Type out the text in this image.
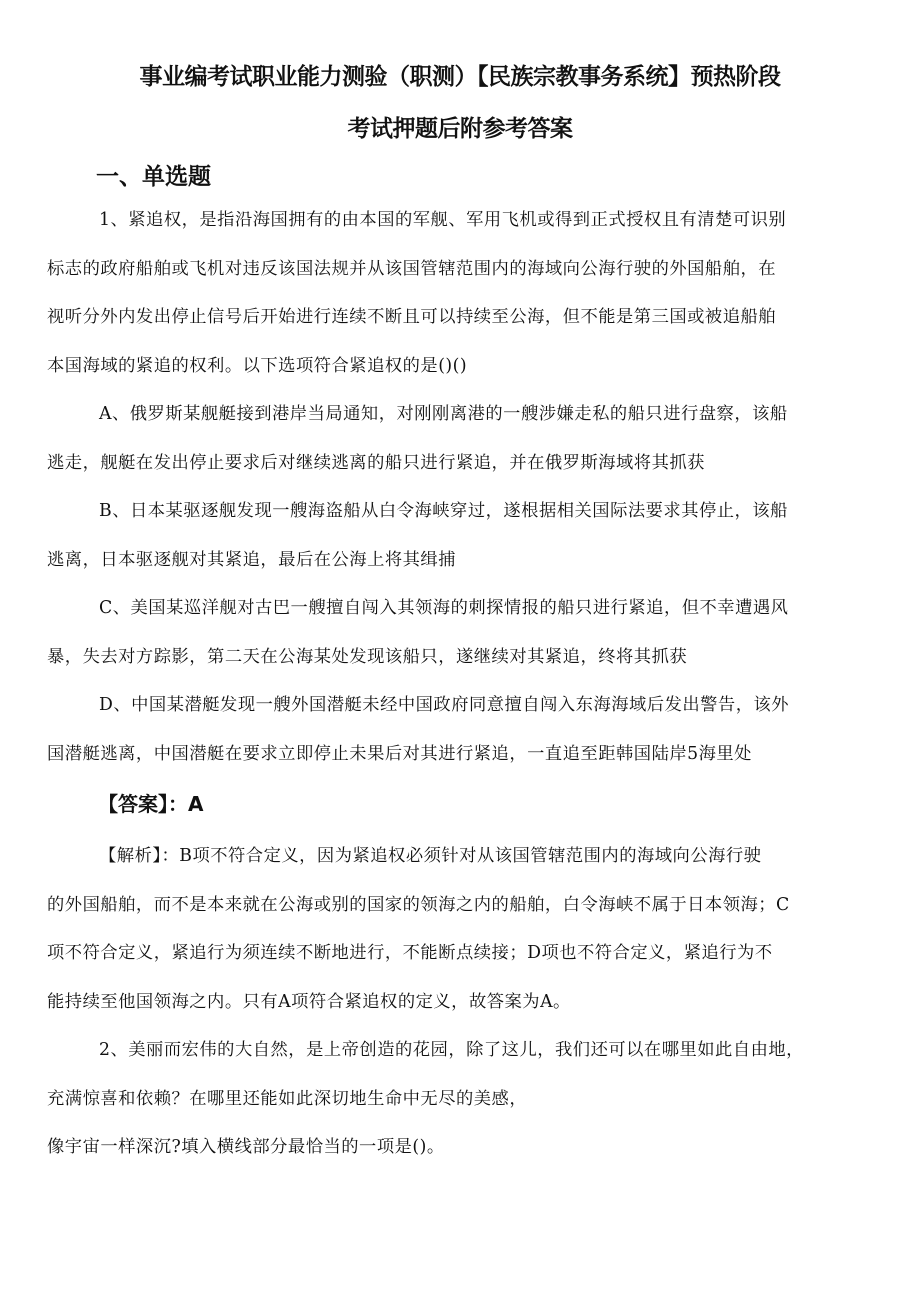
事业编考试职业能力测验（职测）【民族宗教事务系统】预热阶段
考试押题后附参考答案
一、单选题
1、紧追权，是指沿海国拥有的由本国的军舰、军用飞机或得到正式授权且有清楚可识别
标志的政府船舶或飞机对违反该国法规并从该国管辖范围内的海域向公海行驶的外国船舶，在
视听分外内发出停止信号后开始进行连续不断且可以持续至公海，但不能是第三国或被追船舶
本国海域的紧追的权利。以下选项符合紧追权的是()()
A、俄罗斯某舰艇接到港岸当局通知，对刚刚离港的一艘涉嫌走私的船只进行盘察，该船
逃走，舰艇在发出停止要求后对继续逃离的船只进行紧追，并在俄罗斯海域将其抓获
B、日本某驱逐舰发现一艘海盗船从白令海峡穿过，遂根据相关国际法要求其停止，该船
逃离，日本驱逐舰对其紧追，最后在公海上将其缉捕
C、美国某巡洋舰对古巴一艘擅自闯入其领海的刺探情报的船只进行紧追，但不幸遭遇风
暴，失去对方踪影，第二天在公海某处发现该船只，遂继续对其紧追，终将其抓获
D、中国某潜艇发现一艘外国潜艇未经中国政府同意擅自闯入东海海域后发出警告，该外
国潜艇逃离，中国潜艇在要求立即停止未果后对其进行紧追，一直追至距韩国陆岸5海里处
【答案】：A
【解析】：B项不符合定义，因为紧追权必须针对从该国管辖范围内的海域向公海行驶
的外国船舶，而不是本来就在公海或别的国家的领海之内的船舶，白令海峡不属于日本领海；C
项不符合定义，紧追行为须连续不断地进行，不能断点续接；D项也不符合定义，紧追行为不
能持续至他国领海之内。只有A项符合紧追权的定义，故答案为A。
2、美丽而宏伟的大自然，是上帝创造的花园，除了这儿，我们还可以在哪里如此自由地，
充满惊喜和依赖？在哪里还能如此深切地生命中无尽的美感，
像宇宙一样深沉?填入横线部分最恰当的一项是()。
